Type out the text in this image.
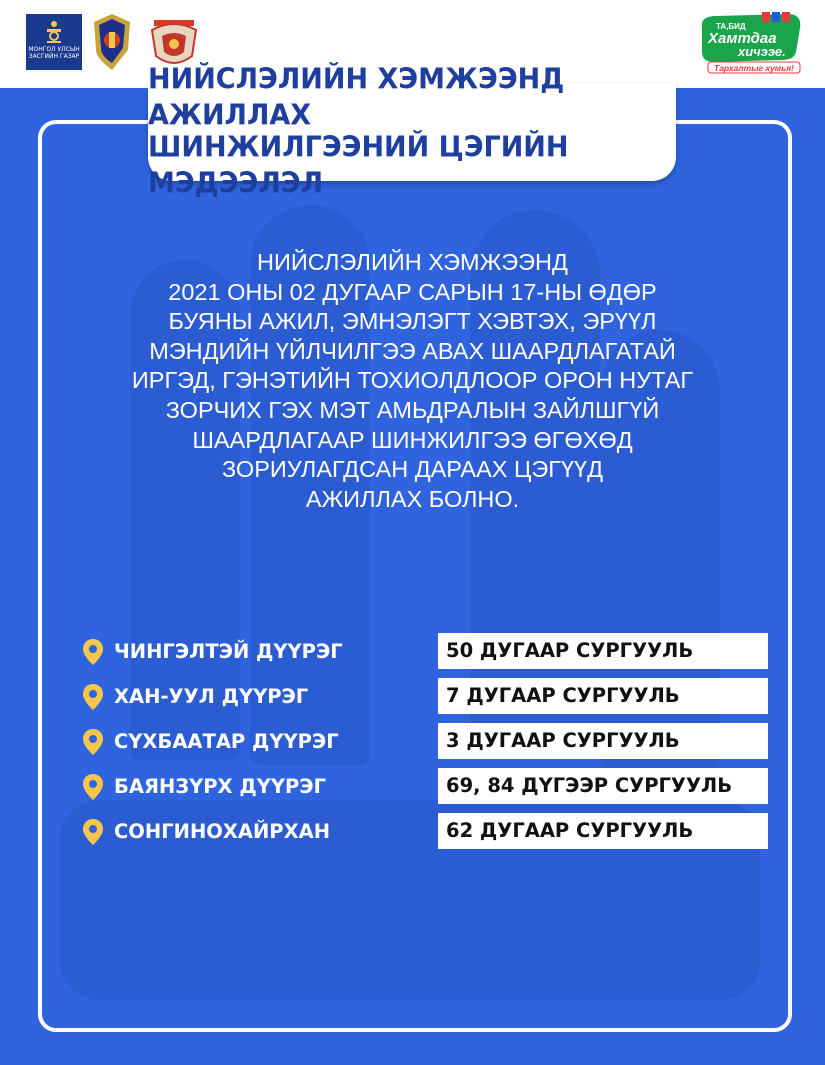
МОНГОЛ УЛСЫН
ЗАСГИЙН ГАЗАР
ТА,БИД
Хамтдаа
хичээе.
Тархалтыг хумья!
НИЙСЛЭЛИЙН ХЭМЖЭЭНД АЖИЛЛАХ
ШИНЖИЛГЭЭНИЙ ЦЭГИЙН МЭДЭЭЛЭЛ
НИЙСЛЭЛИЙН ХЭМЖЭЭНД
2021 ОНЫ 02 ДУГААР САРЫН 17-НЫ ӨДӨР
БУЯНЫ АЖИЛ, ЭМНЭЛЭГТ ХЭВТЭХ, ЭРҮҮЛ
МЭНДИЙН ҮЙЛЧИЛГЭЭ АВАХ ШААРДЛАГАТАЙ
ИРГЭД, ГЭНЭТИЙН ТОХИОЛДЛООР ОРОН НУТАГ
ЗОРЧИХ ГЭХ МЭТ АМЬДРАЛЫН ЗАЙЛШГҮЙ
ШААРДЛАГААР ШИНЖИЛГЭЭ ӨГӨХӨД
ЗОРИУЛАГДСАН ДАРААХ ЦЭГҮҮД
АЖИЛЛАХ БОЛНО.
ЧИНГЭЛТЭЙ ДҮҮРЭГ	50 ДУГААР СУРГУУЛЬ
ХАН-УУЛ ДҮҮРЭГ	7 ДУГААР СУРГУУЛЬ
СҮХБААТАР ДҮҮРЭГ	3 ДУГААР СУРГУУЛЬ
БАЯНЗҮРХ ДҮҮРЭГ	69, 84 ДҮГЭЭР СУРГУУЛЬ
СОНГИНОХАЙРХАН	62 ДУГААР СУРГУУЛЬ
